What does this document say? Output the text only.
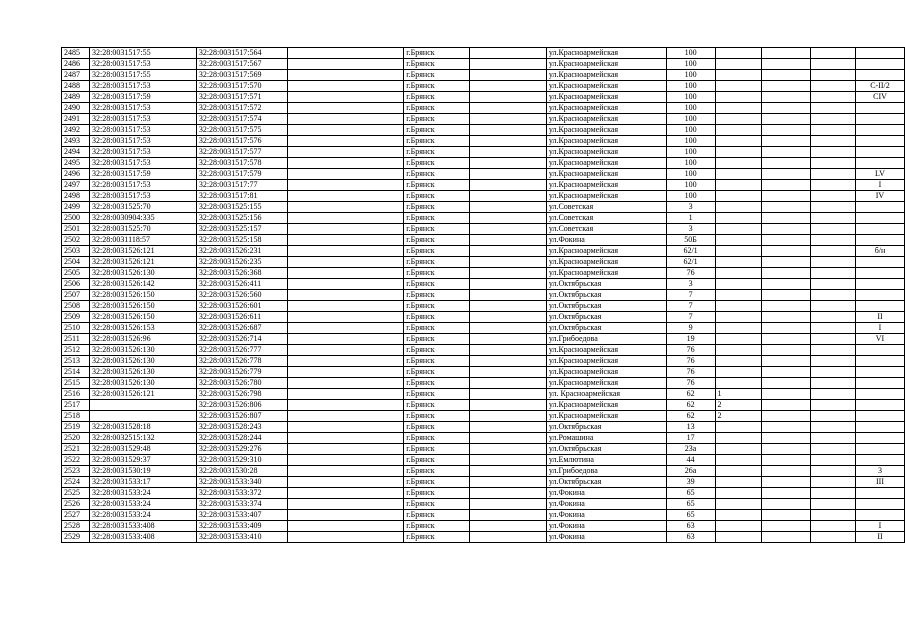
2485	32:28:0031517:55	32:28:0031517:564		г.Брянск		ул.Красноармейская	100				
2486	32:28:0031517:53	32:28:0031517:567		г.Брянск		ул.Красноармейская	100				
2487	32:28:0031517:55	32:28:0031517:569		г.Брянск		ул.Красноармейская	100				
2488	32:28:0031517:53	32:28:0031517:570		г.Брянск		ул.Красноармейская	100				С-II/2
2489	32:28:0031517:59	32:28:0031517:571		г.Брянск		ул.Красноармейская	100				CIV
2490	32:28:0031517:53	32:28:0031517:572		г.Брянск		ул.Красноармейская	100				
2491	32:28:0031517:53	32:28:0031517:574		г.Брянск		ул.Красноармейская	100				
2492	32:28:0031517:53	32:28:0031517:575		г.Брянск		ул.Красноармейская	100				
2493	32:28:0031517:53	32:28:0031517:576		г.Брянск		ул.Красноармейская	100				
2494	32:28:0031517:53	32:28:0031517:577		г.Брянск		ул.Красноармейская	100				
2495	32:28:0031517:53	32:28:0031517:578		г.Брянск		ул.Красноармейская	100				
2496	32:28:0031517:59	32:28:0031517:579		г.Брянск		ул.Красноармейская	100				LV
2497	32:28:0031517:53	32:28:0031517:77		г.Брянск		ул.Красноармейская	100				I
2498	32:28:0031517:53	32:28:0031517:81		г.Брянск		ул.Красноармейская	100				IV
2499	32:28:0031525:70	32:28:0031525:155		г.Брянск		ул.Советская	3				
2500	32:28:0030904:335	32:28:0031525:156		г.Брянск		ул.Советская	1				
2501	32:28:0031525:70	32:28:0031525:157		г.Брянск		ул.Советская	3				
2502	32:28:0031118:57	32:28:0031525:158		г.Брянск		ул.Фокина	50Б				
2503	32:28:0031526:121	32:28:0031526:231		г.Брянск		ул.Красноармейская	62/1				б/н
2504	32:28:0031526:121	32:28:0031526:235		г.Брянск		ул.Красноармейская	62/1				
2505	32:28:0031526:130	32:28:0031526:368		г.Брянск		ул.Красноармейская	76				
2506	32:28:0031526:142	32:28:0031526:411		г.Брянск		ул.Октябрьская	3				
2507	32:28:0031526:150	32:28:0031526:560		г.Брянск		ул.Октябрьская	7				
2508	32:28:0031526:150	32:28:0031526:601		г.Брянск		ул.Октябрьская	7				
2509	32:28:0031526:150	32:28:0031526:611		г.Брянск		ул.Октябрьская	7				II
2510	32:28:0031526:153	32:28:0031526:687		г.Брянск		ул.Октябрьская	9				I
2511	32:28:0031526:96	32:28:0031526:714		г.Брянск		ул.Грибоедова	19				VI
2512	32:28:0031526:130	32:28:0031526:777		г.Брянск		ул.Красноармейская	76				
2513	32:28:0031526:130	32:28:0031526:778		г.Брянск		ул.Красноармейская	76				
2514	32:28:0031526:130	32:28:0031526:779		г.Брянск		ул.Красноармейская	76				
2515	32:28:0031526:130	32:28:0031526:780		г.Брянск		ул.Красноармейская	76				
2516	32:28:0031526:121	32:28:0031526:798		г.Брянск		ул. Красноармейская	62	1			
2517		32:28:0031526:806		г.Брянск		ул.Красноармейская	62	2			
2518		32:28:0031526:807		г.Брянск		ул.Красноармейская	62	2			
2519	32:28:0031528:18	32:28:0031528:243		г.Брянск		ул.Октябрьская	13				
2520	32:28:0032515:132	32:28:0031528:244		г.Брянск		ул.Ромашина	17				
2521	32:28:0031529:48	32:28:0031529:276		г.Брянск		ул.Октябрьская	23а				
2522	32:28:0031529:37	32:28:0031529:310		г.Брянск		ул.Емлютина	44				
2523	32:28:0031530:19	32:28:0031530:28		г.Брянск		ул.Грибоедова	26а				3
2524	32:28:0031533:17	32:28:0031533:340		г.Брянск		ул.Октябрьская	39				III
2525	32:28:0031533:24	32:28:0031533:372		г.Брянск		ул.Фокина	65				
2526	32:28:0031533:24	32:28:0031533:374		г.Брянск		ул.Фокина	65				
2527	32:28:0031533:24	32:28:0031533:407		г.Брянск		ул.Фокина	65				
2528	32:28:0031533:408	32:28:0031533:409		г.Брянск		ул.Фокина	63				I
2529	32:28:0031533:408	32:28:0031533:410		г.Брянск		ул.Фокина	63				II
